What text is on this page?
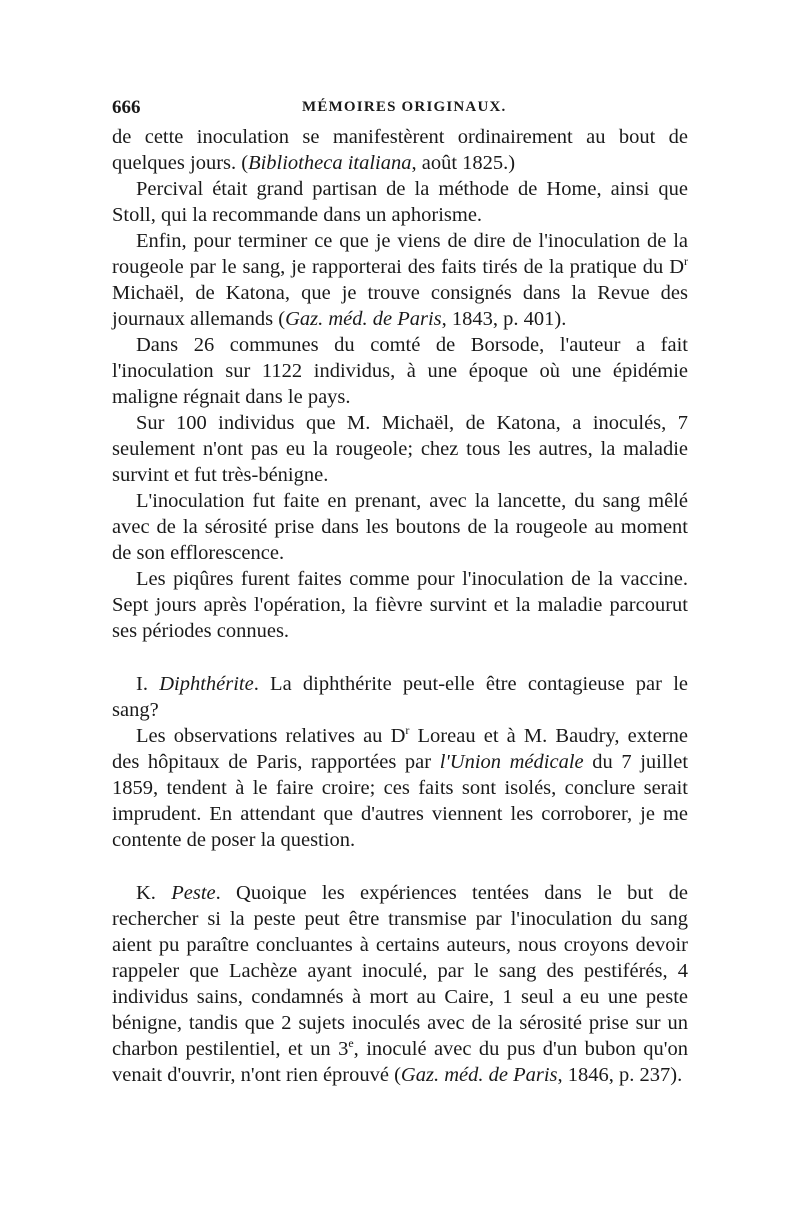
666	MÉMOIRES ORIGINAUX.

de cette inoculation se manifestèrent ordinairement au bout de quelques jours. (Bibliotheca italiana, août 1825.)

Percival était grand partisan de la méthode de Home, ainsi que Stoll, qui la recommande dans un aphorisme.

Enfin, pour terminer ce que je viens de dire de l'inoculation de la rougeole par le sang, je rapporterai des faits tirés de la pratique du $D^r$ Michaël, de Katona, que je trouve consignés dans la Revue des journaux allemands (Gaz. méd. de Paris, 1843, p. 401).

Dans 26 communes du comté de Borsode, l'auteur a fait l'inoculation sur 1122 individus, à une époque où une épidémie maligne régnait dans le pays.

Sur 100 individus que M. Michaël, de Katona, a inoculés, 7 seulement n'ont pas eu la rougeole; chez tous les autres, la maladie survint et fut très-bénigne.

L'inoculation fut faite en prenant, avec la lancette, du sang mêlé avec de la sérosité prise dans les boutons de la rougeole au moment de son efflorescence.

Les piqûres furent faites comme pour l'inoculation de la vaccine. Sept jours après l'opération, la fièvre survint et la maladie parcourut ses périodes connues.

I. Diphthérite. La diphthérite peut-elle être contagieuse par le sang?

Les observations relatives au $D^r$ Loreau et à M. Baudry, externe des hôpitaux de Paris, rapportées par l'Union médicale du 7 juillet 1859, tendent à le faire croire; ces faits sont isolés, conclure serait imprudent. En attendant que d'autres viennent les corroborer, je me contente de poser la question.

K. Peste. Quoique les expériences tentées dans le but de rechercher si la peste peut être transmise par l'inoculation du sang aient pu paraître concluantes à certains auteurs, nous croyons devoir rappeler que Lachèze ayant inoculé, par le sang des pestiférés, 4 individus sains, condamnés à mort au Caire, 1 seul a eu une peste bénigne, tandis que 2 sujets inoculés avec de la sérosité prise sur un charbon pestilentiel, et un 3e, inoculé avec du pus d'un bubon qu'on venait d'ouvrir, n'ont rien éprouvé (Gaz. méd. de Paris, 1846, p. 237).
